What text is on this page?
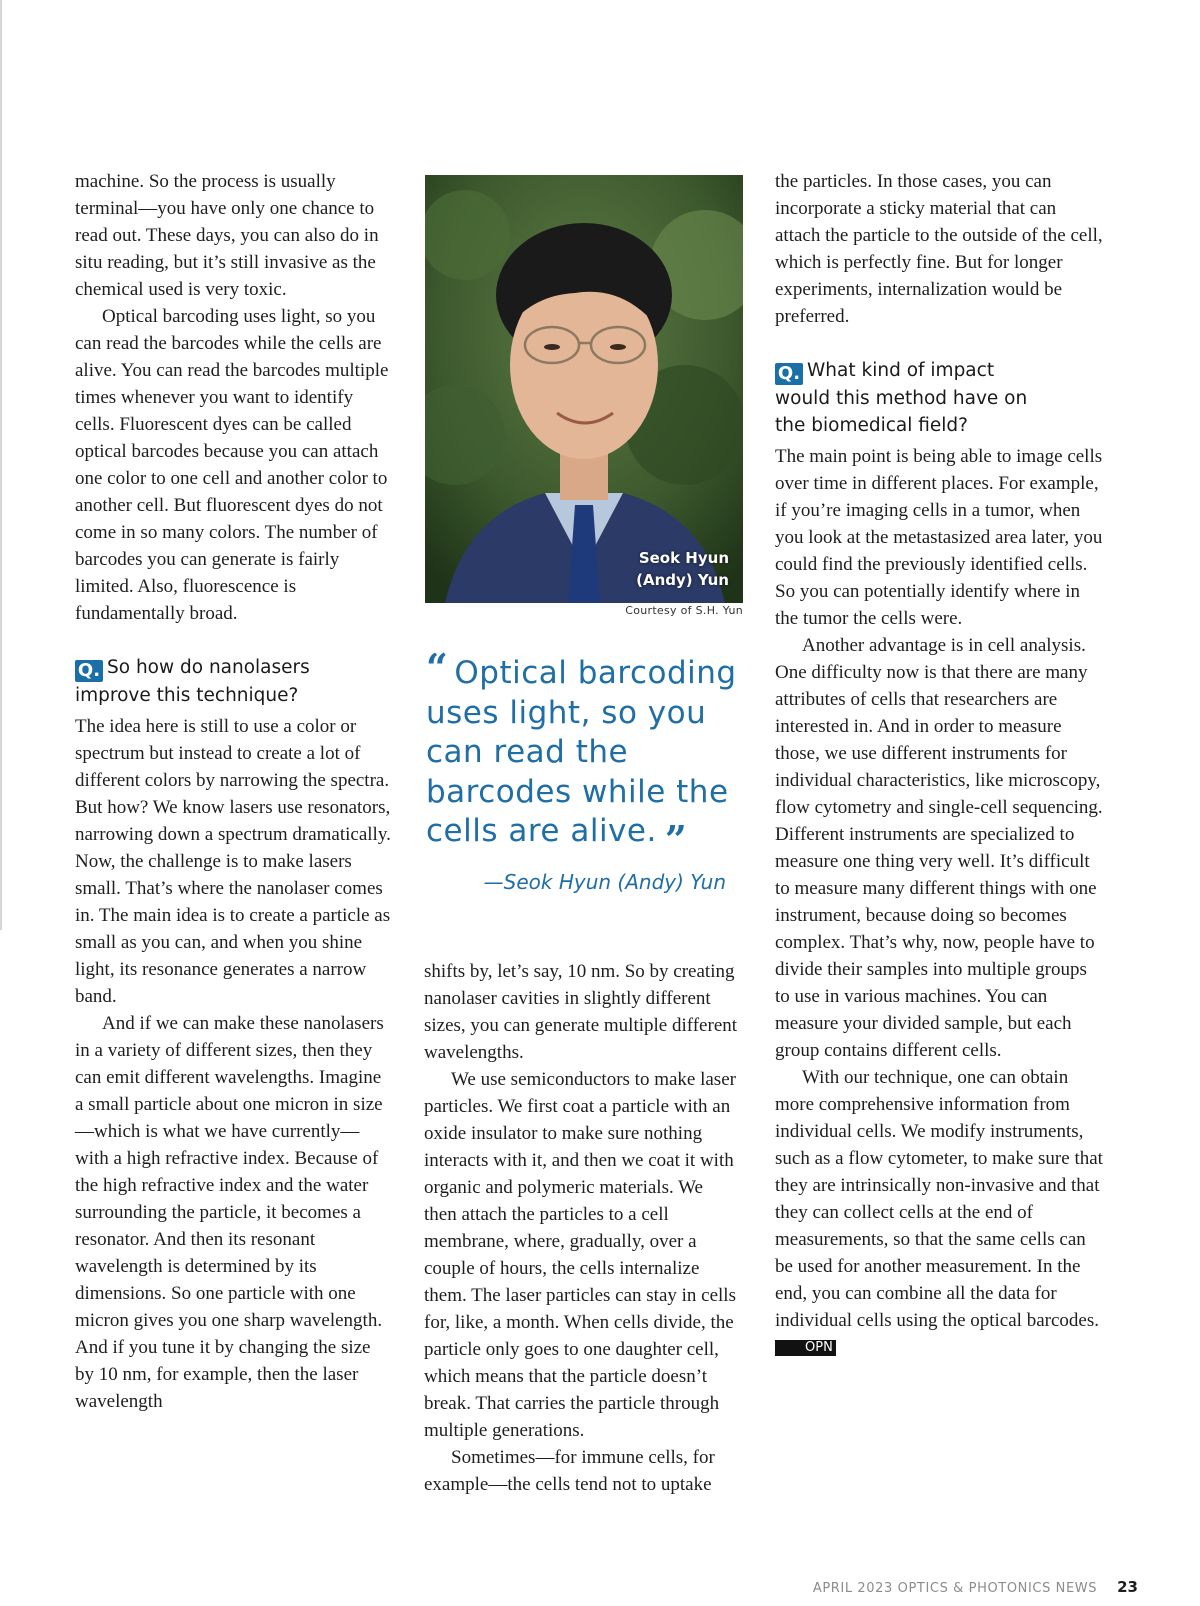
machine. So the process is usually terminal—you have only one chance to read out. These days, you can also do in situ reading, but it’s still invasive as the chemical used is very toxic.

Optical barcoding uses light, so you can read the barcodes while the cells are alive. You can read the barcodes multiple times whenever you want to identify cells. Fluorescent dyes can be called optical barcodes because you can attach one color to one cell and another color to another cell. But fluorescent dyes do not come in so many colors. The number of barcodes you can generate is fairly limited. Also, fluorescence is fundamentally broad.

Q. So how do nanolasers
improve this technique?

The idea here is still to use a color or spectrum but instead to create a lot of different colors by narrowing the spectra. But how? We know lasers use resonators, narrowing down a spectrum dramatically. Now, the challenge is to make lasers small. That’s where the nanolaser comes in. The main idea is to create a particle as small as you can, and when you shine light, its resonance generates a narrow band.

And if we can make these nanolasers in a variety of different sizes, then they can emit different wavelengths. Imagine a small particle about one micron in size—which is what we have currently—with a high refractive index. Because of the high refractive index and the water surrounding the particle, it becomes a resonator. And then its resonant wavelength is determined by its dimensions. So one particle with one micron gives you one sharp wavelength. And if you tune it by changing the size by 10 nm, for example, then the laser wavelength

Seok Hyun
(Andy) Yun
Courtesy of S.H. Yun
“ Optical barcoding uses light, so you can read the barcodes while the cells are alive. ”
—Seok Hyun (Andy) Yun

shifts by, let’s say, 10 nm. So by creating nanolaser cavities in slightly different sizes, you can generate multiple different wavelengths.

We use semiconductors to make laser particles. We first coat a particle with an oxide insulator to make sure nothing interacts with it, and then we coat it with organic and polymeric materials. We then attach the particles to a cell membrane, where, gradually, over a couple of hours, the cells internalize them. The laser particles can stay in cells for, like, a month. When cells divide, the particle only goes to one daughter cell, which means that the particle doesn’t break. That carries the particle through multiple generations.

Sometimes—for immune cells, for example—the cells tend not to uptake

the particles. In those cases, you can incorporate a sticky material that can attach the particle to the outside of the cell, which is perfectly fine. But for longer experiments, internalization would be preferred.

Q. What kind of impact
would this method have on
the biomedical field?

The main point is being able to image cells over time in different places. For example, if you’re imaging cells in a tumor, when you look at the metastasized area later, you could find the previously identified cells. So you can potentially identify where in the tumor the cells were.

Another advantage is in cell analysis. One difficulty now is that there are many attributes of cells that researchers are interested in. And in order to measure those, we use different instruments for individual characteristics, like microscopy, flow cytometry and single-cell sequencing. Different instruments are specialized to measure one thing very well. It’s difficult to measure many different things with one instrument, because doing so becomes complex. That’s why, now, people have to divide their samples into multiple groups to use in various machines. You can measure your divided sample, but each group contains different cells.

With our technique, one can obtain more comprehensive information from individual cells. We modify instruments, such as a flow cytometer, to make sure that they are intrinsically non-invasive and that they can collect cells at the end of measurements, so that the same cells can be used for another measurement. In the end, you can combine all the data for individual cells using the optical barcodes. OPN

APRIL 2023 OPTICS & PHOTONICS NEWS 23
